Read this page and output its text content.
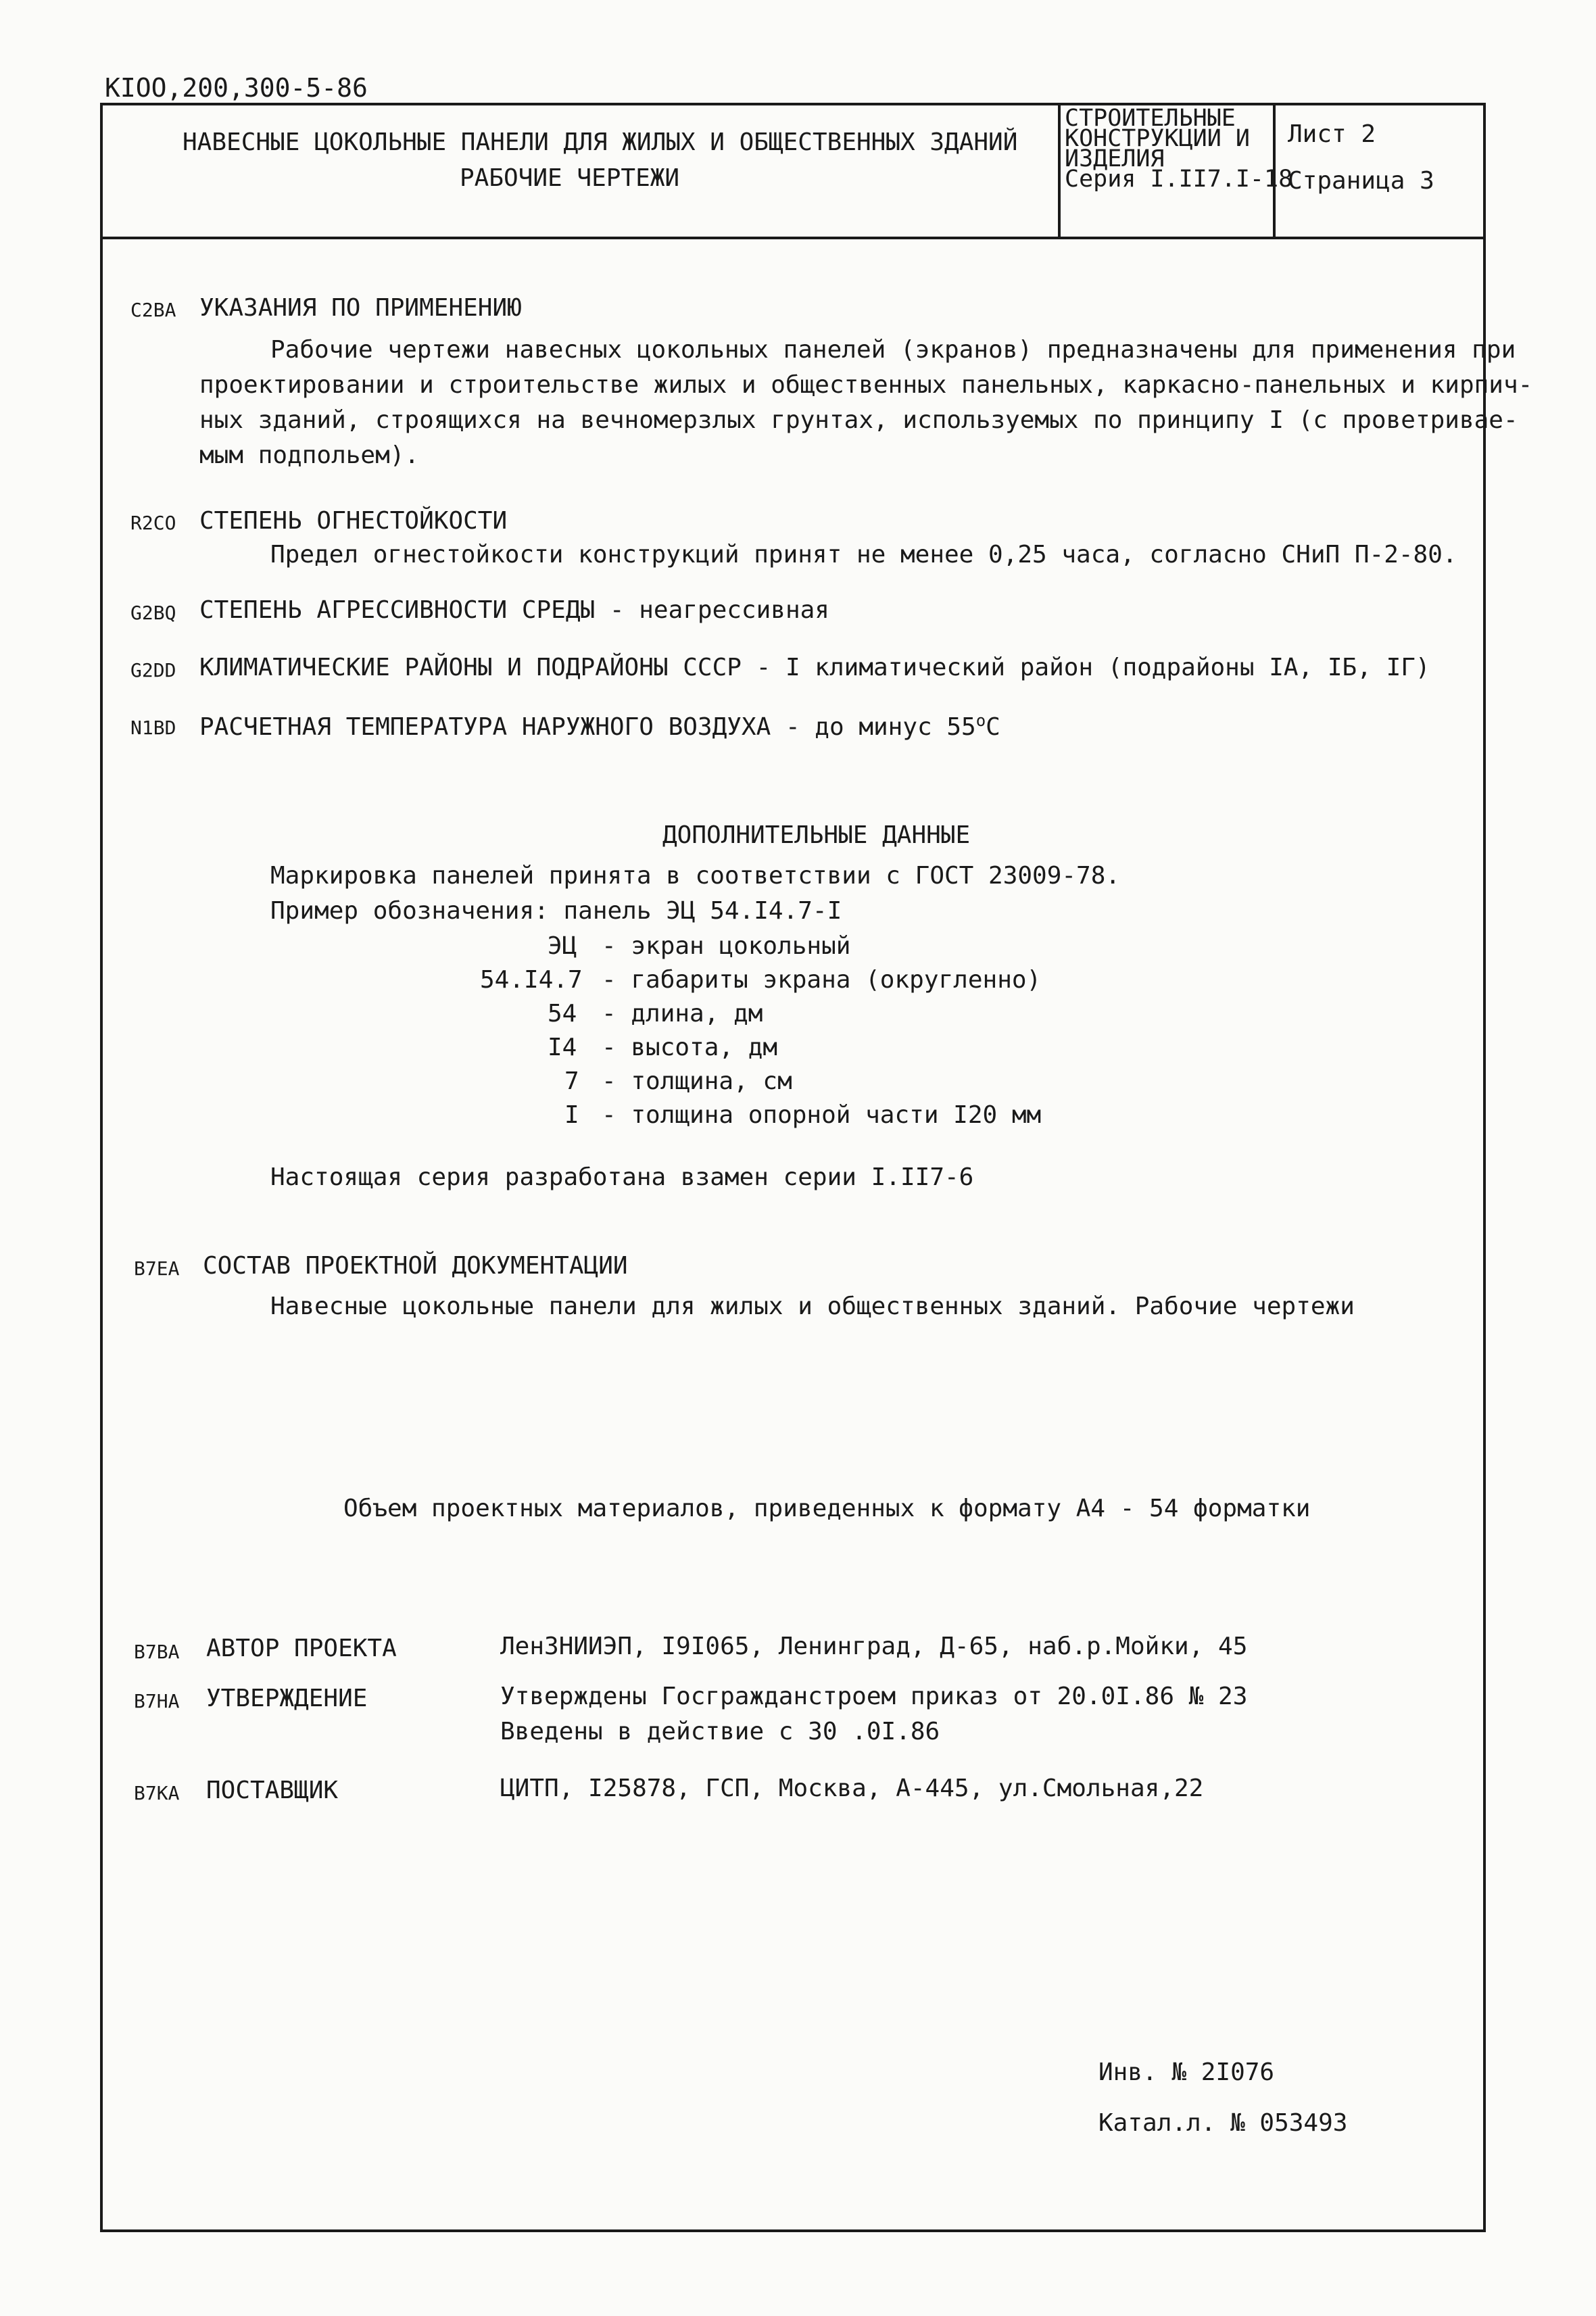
KIOO,200,300-5-86
НАВЕСНЫЕ ЦОКОЛЬНЫЕ ПАНЕЛИ ДЛЯ ЖИЛЫХ И ОБЩЕСТВЕННЫХ ЗДАНИЙ
РАБОЧИЕ ЧЕРТЕЖИ
СТРОИТЕЛЬНЫЕ
КОНСТРУКЦИИ И
ИЗДЕЛИЯ
Серия I.II7.I-18
Лист 2
Страница 3
C2BA УКАЗАНИЯ ПО ПРИМЕНЕНИЮ
Рабочие чертежи навесных цокольных панелей (экранов) предназначены для применения при
проектировании и строительстве жилых и общественных панельных, каркасно-панельных и кирпич-
ных зданий, строящихся на вечномерзлых грунтах, используемых по принципу I (с проветривае-
мым подпольем).
R2CO СТЕПЕНЬ ОГНЕСТОЙКОСТИ
Предел огнестойкости конструкций принят не менее 0,25 часа, согласно СНиП П-2-80.
G2BQ СТЕПЕНЬ АГРЕССИВНОСТИ СРЕДЫ - неагрессивная
G2DD КЛИМАТИЧЕСКИЕ РАЙОНЫ И ПОДРАЙОНЫ СССР - I климатический район (подрайоны IA, IБ, IГ)
N1BD РАСЧЕТНАЯ ТЕМПЕРАТУРА НАРУЖНОГО ВОЗДУХА - до минус 55$^o$C
ДОПОЛНИТЕЛЬНЫЕ ДАННЫЕ
Маркировка панелей принята в соответствии с ГОСТ 23009-78.
Пример обозначения: панель ЭЦ 54.I4.7-I
ЭЦ - экран цокольный
54.I4.7 - габариты экрана (округленно)
54 - длина, дм
I4 - высота, дм
7 - толщина, см
I - толщина опорной части I20 мм
Настоящая серия разработана взамен серии I.II7-6
B7EA СОСТАВ ПРОЕКТНОЙ ДОКУМЕНТАЦИИ
Навесные цокольные панели для жилых и общественных зданий. Рабочие чертежи
Объем проектных материалов, приведенных к формату А4 - 54 форматки
B7BA АВТОР ПРОЕКТА	ЛенЗНИИЭП, I9I065, Ленинград, Д-65, наб.р.Мойки, 45
B7HA УТВЕРЖДЕНИЕ	Утверждены Госгражданстроем приказ от 20.0I.86 № 23
Введены в действие с 30 .0I.86
B7KA ПОСТАВЩИК	ЦИТП, I25878, ГСП, Москва, А-445, ул.Смольная,22
Инв. № 2I076
Катал.л. № 053493
